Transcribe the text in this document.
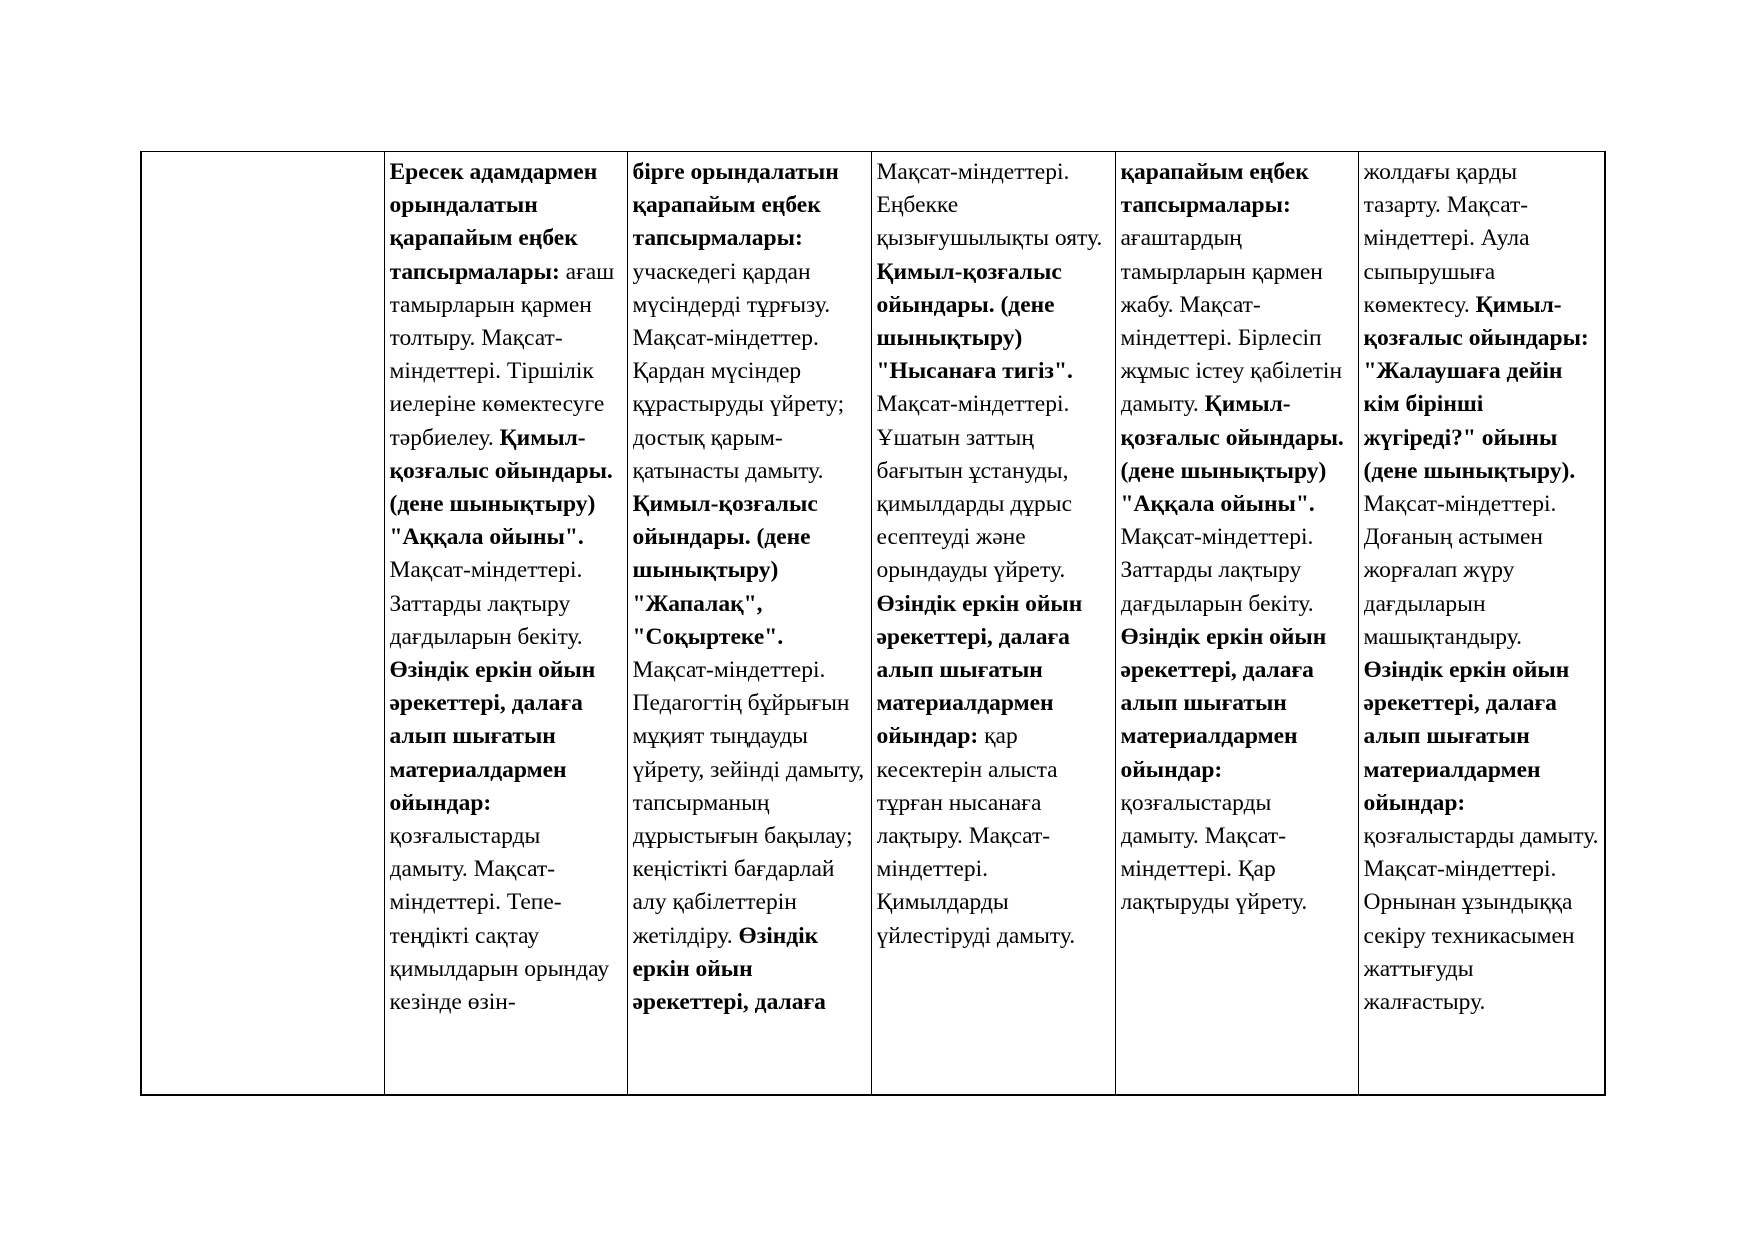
Ересек адамдармен орындалатын қарапайым еңбек тапсырмалары: ағаш тамырларын қармен толтыру. Мақсат-міндеттері. Тіршілік иелеріне көмектесуге тәрбиелеу. Қимыл-қозғалыс ойындары. (дене шынықтыру) "Аққала ойыны". Мақсат-міндеттері. Заттарды лақтыру дағдыларын бекіту. Өзіндік еркін ойын әрекеттері, далаға алып шығатын материалдармен ойындар: қозғалыстарды дамыту. Мақсат-міндеттері. Тепе-теңдікті сақтау қимылдарын орындау кезінде өзін-

бірге орындалатын қарапайым еңбек тапсырмалары: учаскедегі қардан мүсіндерді тұрғызу. Мақсат-міндеттер. Қардан мүсіндер құрастыруды үйрету; достық қарым-қатынасты дамыту. Қимыл-қозғалыс ойындары. (дене шынықтыру) "Жапалақ", "Соқыртеке". Мақсат-міндеттері. Педагогтің бұйрығын мұқият тыңдауды үйрету, зейінді дамыту, тапсырманың дұрыстығын бақылау; кеңістікті бағдарлай алу қабілеттерін жетілдіру. Өзіндік еркін ойын әрекеттері, далаға

Мақсат-міндеттері. Еңбекке қызығушылықты ояту. Қимыл-қозғалыс ойындары. (дене шынықтыру) "Нысанаға тигіз". Мақсат-міндеттері. Ұшатын заттың бағытын ұстануды, қимылдарды дұрыс есептеуді және орындауды үйрету. Өзіндік еркін ойын әрекеттері, далаға алып шығатын материалдармен ойындар: қар кесектерін алыста тұрған нысанаға лақтыру. Мақсат-міндеттері. Қимылдарды үйлестіруді дамыту.

қарапайым еңбек тапсырмалары: ағаштардың тамырларын қармен жабу. Мақсат-міндеттері. Бірлесіп жұмыс істеу қабілетін дамыту. Қимыл-қозғалыс ойындары. (дене шынықтыру) "Аққала ойыны". Мақсат-міндеттері. Заттарды лақтыру дағдыларын бекіту. Өзіндік еркін ойын әрекеттері, далаға алып шығатын материалдармен ойындар: қозғалыстарды дамыту. Мақсат-міндеттері. Қар лақтыруды үйрету.

жолдағы қарды тазарту. Мақсат-міндеттері. Аула сыпырушыға көмектесу. Қимыл-қозғалыс ойындары: "Жалаушаға дейін кім бірінші жүгіреді?" ойыны (дене шынықтыру). Мақсат-міндеттері. Доғаның астымен жорғалап жүру дағдыларын машықтандыру. Өзіндік еркін ойын әрекеттері, далаға алып шығатын материалдармен ойындар: қозғалыстарды дамыту. Мақсат-міндеттері. Орнынан ұзындыққа секіру техникасымен жаттығуды жалғастыру.
